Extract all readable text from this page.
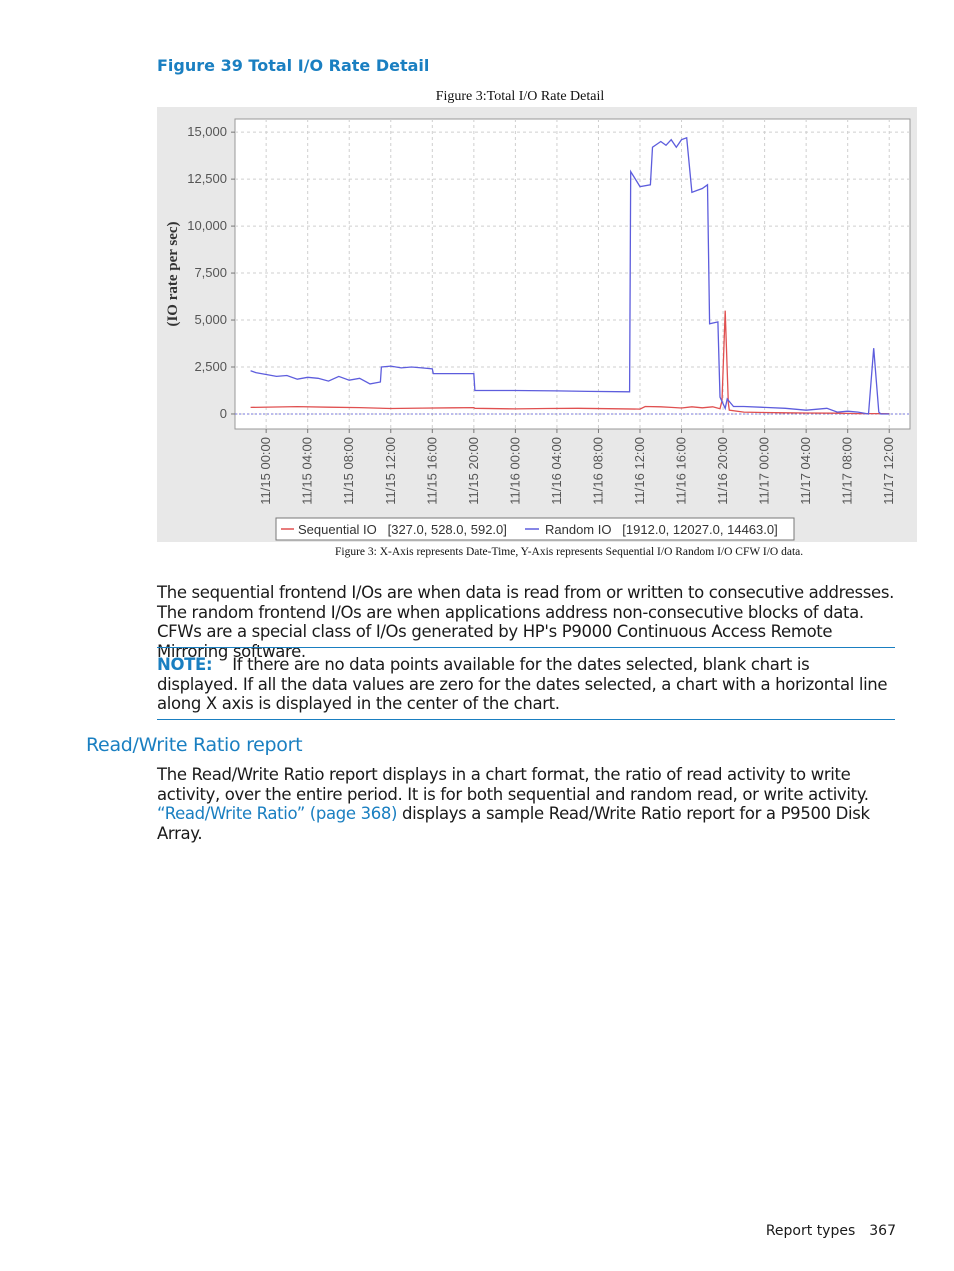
Figure 39 Total I/O Rate Detail
Figure 3:Total I/O Rate Detail
0
2,500
5,000
7,500
10,000
12,500
15,000
11/15 00:00 11/15 04:00 11/15 08:00 11/15 12:00 11/15 16:00 11/15 20:00 11/16 00:00 11/16 04:00 11/16 08:00 11/16 12:00 11/16 16:00 11/16 20:00 11/17 00:00 11/17 04:00 11/17 08:00 11/17 12:00
(IO rate per sec)
Sequential IO   [327.0, 528.0, 592.0]	Random IO   [1912.0, 12027.0, 14463.0]
Figure 3: X-Axis represents Date-Time, Y-Axis represents Sequential I/O Random I/O CFW I/O data.
The sequential frontend I/Os are when data is read from or written to consecutive addresses. The random frontend I/Os are when applications address non-consecutive blocks of data. CFWs are a special class of I/Os generated by HP's P9000 Continuous Access Remote Mirroring software.
NOTE: If there are no data points available for the dates selected, blank chart is displayed. If all the data values are zero for the dates selected, a chart with a horizontal line along X axis is displayed in the center of the chart.
Read/Write Ratio report
The Read/Write Ratio report displays in a chart format, the ratio of read activity to write activity, over the entire period. It is for both sequential and random read, or write activity. “Read/Write Ratio” (page 368) displays a sample Read/Write Ratio report for a P9500 Disk Array.
Report types 367
